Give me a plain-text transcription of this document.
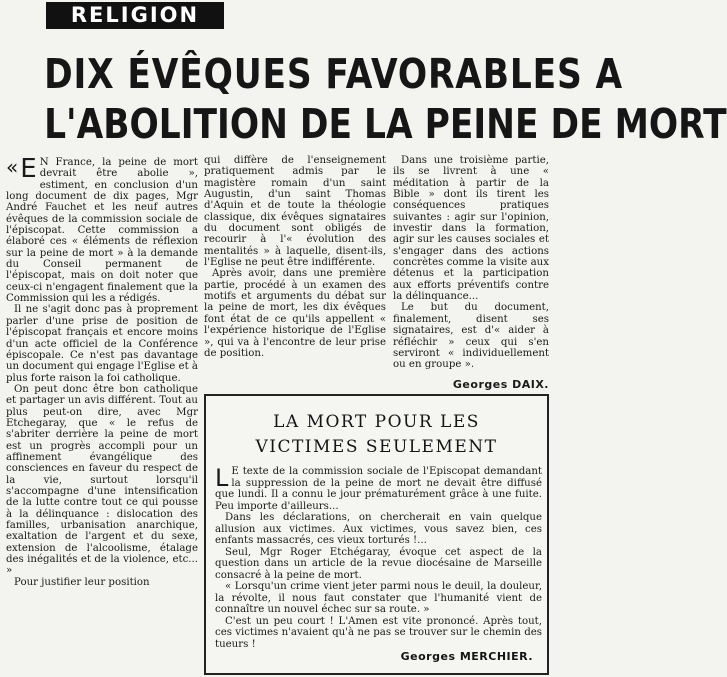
RELIGION
DIX ÉVÊQUES FAVORABLES A
L'ABOLITION DE LA PEINE DE MORT
« E N France, la peine de mort devrait être abolie », estiment, en conclusion d'un long document de dix pages, Mgr André Fauchet et les neuf autres évêques de la commission sociale de l'épiscopat. Cette commission a élaboré ces « éléments de réflexion sur la peine de mort » à la demande du Conseil permanent de l'épiscopat, mais on doit noter que ceux-ci n'engagent finalement que la Commission qui les a rédigés.

Il ne s'agit donc pas à proprement parler d'une prise de position de l'épiscopat français et encore moins d'un acte officiel de la Conférence épiscopale. Ce n'est pas davantage un document qui engage l'Eglise et à plus forte raison la foi catholique.

On peut donc être bon catholique et partager un avis différent. Tout au plus peut-on dire, avec Mgr Etchegaray, que « le refus de s'abriter derrière la peine de mort est un progrès accompli pour un affinement évangélique des consciences en faveur du respect de la vie, surtout lorsqu'il s'accompagne d'une intensification de la lutte contre tout ce qui pousse à la délinquance : dislocation des familles, urbanisation anarchique, exaltation de l'argent et du sexe, extension de l'alcoolisme, étalage des inégalités et de la violence, etc... »

Pour justifier leur position

qui diffère de l'enseignement pratiquement admis par le magistère romain d'un saint Augustin, d'un saint Thomas d'Aquin et de toute la théologie classique, dix évêques signataires du document sont obligés de recourir à l'« évolution des mentalités » à laquelle, disent-ils, l'Eglise ne peut être indifférente.

Après avoir, dans une première partie, procédé à un examen des motifs et arguments du débat sur la peine de mort, les dix évêques font état de ce qu'ils appellent « l'expérience historique de l'Eglise », qui va à l'encontre de leur prise de position.

Dans une troisième partie, ils se livrent à une « méditation à partir de la Bible » dont ils tirent les conséquences pratiques suivantes : agir sur l'opinion, investir dans la formation, agir sur les causes sociales et s'engager dans des actions concrètes comme la visite aux détenus et la participation aux efforts préventifs contre la délinquance...

Le but du document, finalement, disent ses signataires, est d'« aider à réfléchir » ceux qui s'en serviront « individuellement ou en groupe ».

Georges DAIX.
LA MORT POUR LES
VICTIMES SEULEMENT
L E texte de la commission sociale de l'Episcopat demandant la suppression de la peine de mort ne devait être diffusé que lundi. Il a connu le jour prématurément grâce à une fuite. Peu importe d'ailleurs...

Dans les déclarations, on chercherait en vain quelque allusion aux victimes. Aux victimes, vous savez bien, ces enfants massacrés, ces vieux torturés !...

Seul, Mgr Roger Etchégaray, évoque cet aspect de la question dans un article de la revue diocésaine de Marseille consacré à la peine de mort.

« Lorsqu'un crime vient jeter parmi nous le deuil, la douleur, la révolte, il nous faut constater que l'humanité vient de connaître un nouvel échec sur sa route. »

C'est un peu court ! L'Amen est vite prononcé. Après tout, ces victimes n'avaient qu'à ne pas se trouver sur le chemin des tueurs !

Georges MERCHIER.
